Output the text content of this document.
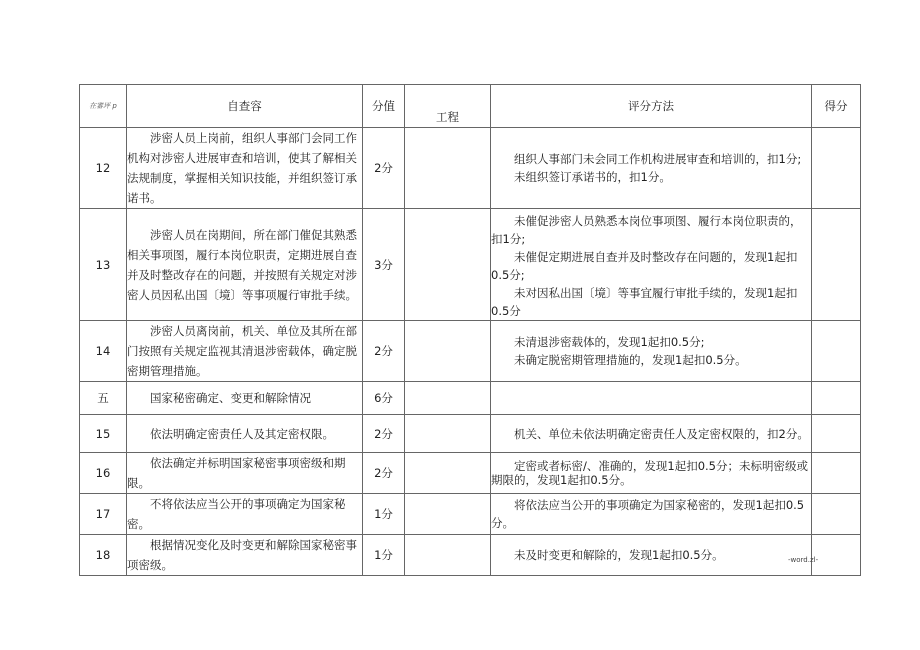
在審坪 p	自查容	分值	工程	评分方法	得分
12	涉密人员上岗前，组织人事部门会同工作机构对涉密人进展审查和培训，使其了解相关法规制度，掌握相关知识技能，并组织签订承诺书。	2分		组织人事部门未会同工作机构进展审查和培训的，扣1分;

未组织签订承诺书的，扣1分。	

13	涉密人员在岗期间，所在部门催促其熟悉相关事项图，履行本岗位职责，定期进展自查并及时整改存在的问题，并按照有关规定对涉密人员因私出国〔境〕等事项履行审批手续。	3分		未催促涉密人员熟悉本岗位事项图、履行本岗位职责的，扣1分;

未催促定期进展自查并及时整改存在问题的，发现1起扣0.5分;

未对因私出国〔境〕等事宜履行审批手续的，发现1起扣0.5分	

14	涉密人员离岗前，机关、单位及其所在部门按照有关规定监视其清退涉密载体，确定脱密期管理措施。	2分		未清退涉密载体的，发现1起扣0.5分;

未确定脱密期管理措施的，发现1起扣0.5分。	

五	国家秘密确定、变更和解除情况	6分			
15	依法明确定密责任人及其定密权限。	2分		机关、单位未依法明确定密责任人及定密权限的，扣2分。	

16	依法确定并标明国家秘密事项密级和期限。	2分		定密或者标密/、准确的，发现1起扣0.5分；未标明密级或期限的，发现1起扣0.5分。	

17	不将依法应当公开的事项确定为国家秘密。	1分		将依法应当公开的事项确定为国家秘密的，发现1起扣0.5分。	

18	根据情况变化及时变更和解除国家秘密事项密级。	1分		未及时变更和解除的，发现1起扣0.5分。	

		-word.zl-
